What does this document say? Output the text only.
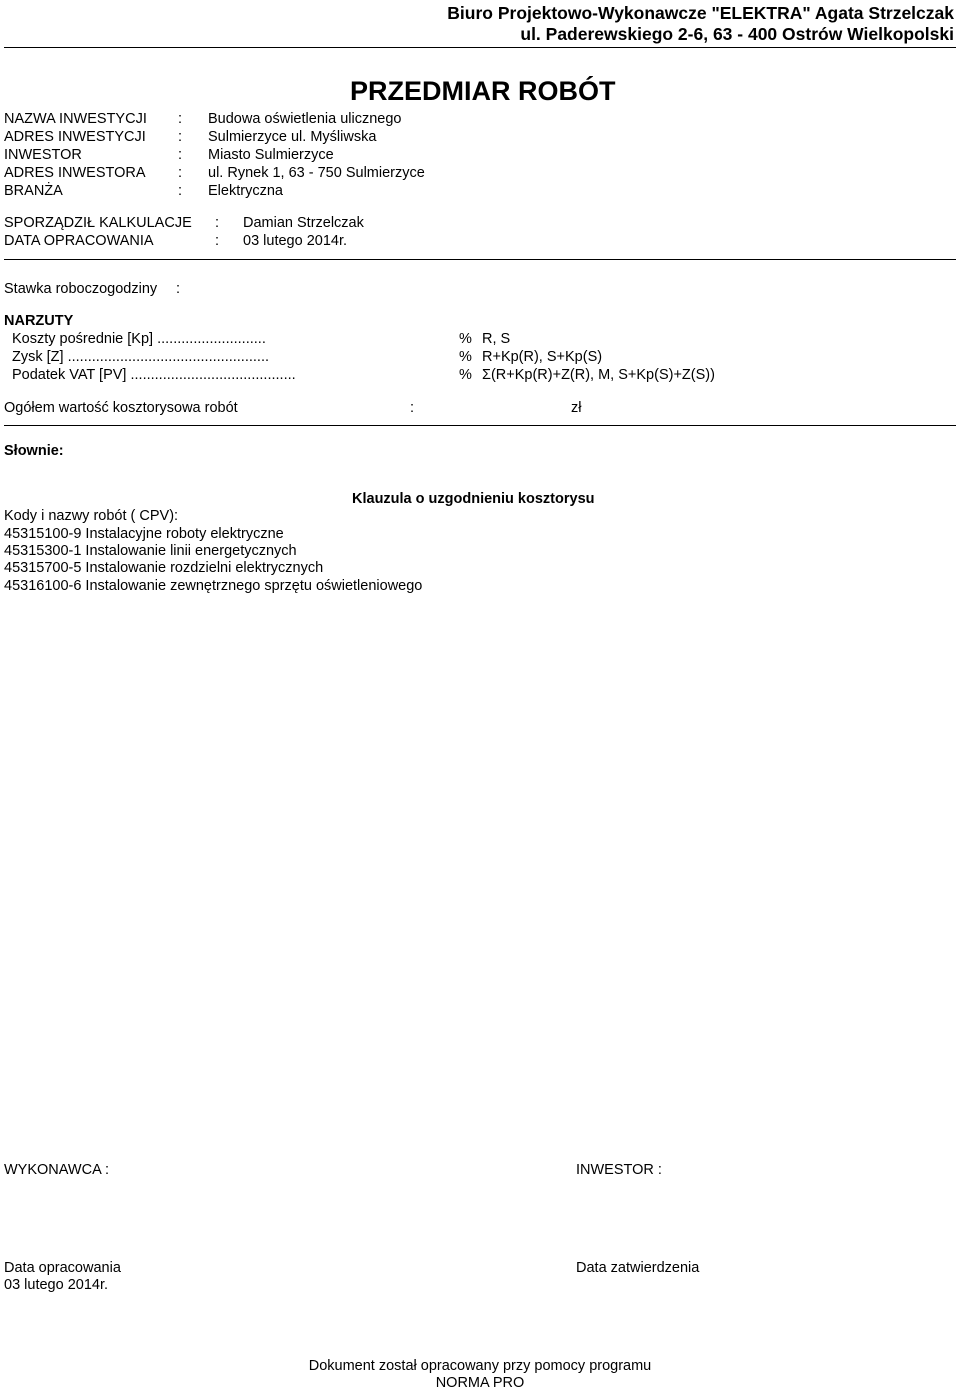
Biuro Projektowo-Wykonawcze "ELEKTRA" Agata Strzelczak
ul. Paderewskiego 2-6, 63 - 400 Ostrów Wielkopolski
PRZEDMIAR ROBÓT
NAZWA INWESTYCJI : Budowa oświetlenia ulicznego
ADRES INWESTYCJI : Sulmierzyce ul. Myśliwska
INWESTOR	: Miasto Sulmierzyce
ADRES INWESTORA : ul. Rynek 1, 63 - 750 Sulmierzyce
BRANŻA	: Elektryczna
SPORZĄDZIŁ KALKULACJE : Damian Strzelczak
DATA OPRACOWANIA	: 03 lutego 2014r.
Stawka roboczogodziny :
NARZUTY
Koszty pośrednie [Kp] ...........................	% R, S
Zysk [Z] ..................................................	% R+Kp(R), S+Kp(S)
Podatek VAT [PV] .........................................	% Σ(R+Kp(R)+Z(R), M, S+Kp(S)+Z(S))
Ogółem wartość kosztorysowa robót	:	zł
Słownie:
Klauzula o uzgodnieniu kosztorysu
Kody i nazwy robót ( CPV):
45315100-9 Instalacyjne roboty elektryczne
45315300-1 Instalowanie linii energetycznych
45315700-5 Instalowanie rozdzielni elektrycznych
45316100-6 Instalowanie zewnętrznego sprzętu oświetleniowego
WYKONAWCA :	INWESTOR :
Data opracowania
03 lutego 2014r.
Data zatwierdzenia
Dokument został opracowany przy pomocy programu
NORMA PRO
